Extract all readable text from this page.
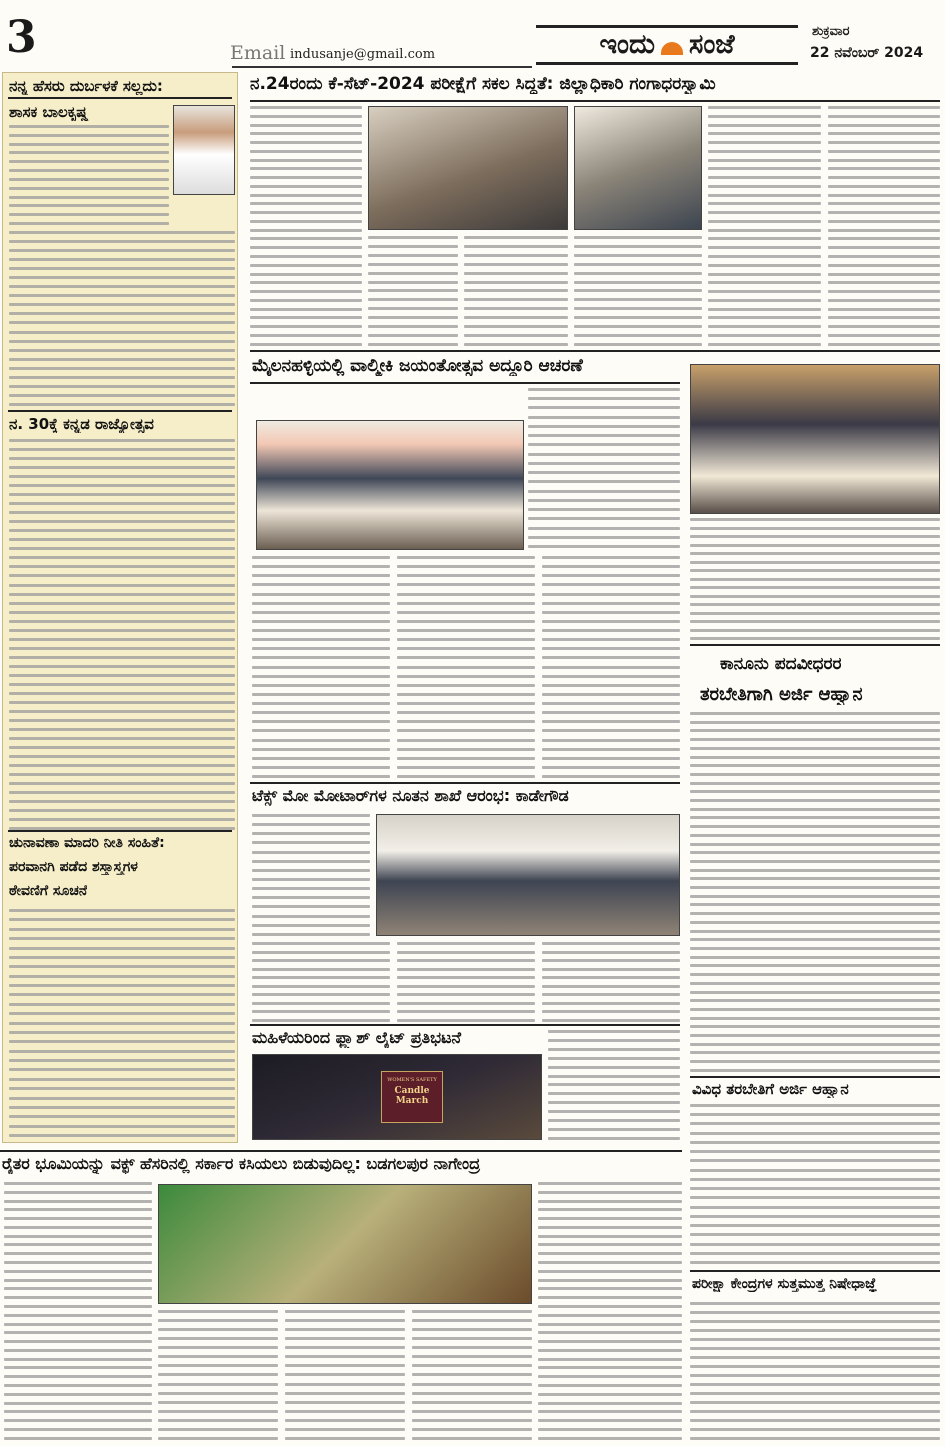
3	Email indusanje@gmail.com	ಇಂದು ಸಂಜೆ	ಶುಕ್ರವಾರ
22 ನವೆಂಬರ್ 2024
ನನ್ನ ಹೆಸರು ದುರ್ಬಳಕೆ ಸಲ್ಲದು:
ಶಾಸಕ ಬಾಲಕೃಷ್ಣ
ನ. 30ಕ್ಕೆ ಕನ್ನಡ ರಾಜ್ಯೋತ್ಸವ
ಚುನಾವಣಾ ಮಾದರಿ ನೀತಿ ಸಂಹಿತೆ:
ಪರವಾನಗಿ ಪಡೆದ ಶಸ್ತ್ರಾಸ್ತ್ರಗಳ
ಠೇವಣಿಗೆ ಸೂಚನೆ
ನ.24ರಂದು ಕೆ-ಸೆಟ್-2024 ಪರೀಕ್ಷೆಗೆ ಸಕಲ ಸಿದ್ಧತೆ: ಜಿಲ್ಲಾಧಿಕಾರಿ ಗಂಗಾಧರಸ್ವಾಮಿ
ಮೈಲನಹಳ್ಳಿಯಲ್ಲಿ ವಾಲ್ಮೀಕಿ ಜಯಂತೋತ್ಸವ ಅದ್ದೂರಿ ಆಚರಣೆ
ಕಾನೂನು ಪದವೀಧರರ
ತರಬೇತಿಗಾಗಿ ಅರ್ಜಿ ಆಹ್ವಾನ
ಟೆಕ್ಸ್ ಮೋ ಮೋಟಾರ್‌ಗಳ ನೂತನ ಶಾಖೆ ಆರಂಭ: ಕಾಡೇಗೌಡ
ಮಹಿಳೆಯರಿಂದ ಫ್ಲ್ಯಾಶ್ ಲೈಟ್ ಪ್ರತಿಭಟನೆ
WOMEN'S SAFETY
Candle March
ವಿವಿಧ ತರಬೇತಿಗೆ ಅರ್ಜಿ ಆಹ್ವಾನ
ರೈತರ ಭೂಮಿಯನ್ನು ವಕ್ಫ್ ಹೆಸರಿನಲ್ಲಿ ಸರ್ಕಾರ ಕಸಿಯಲು ಬಿಡುವುದಿಲ್ಲ: ಬಡಗಲಪುರ ನಾಗೇಂದ್ರ
ಪರೀಕ್ಷಾ ಕೇಂದ್ರಗಳ ಸುತ್ತಮುತ್ತ ನಿಷೇಧಾಜ್ಞೆ
